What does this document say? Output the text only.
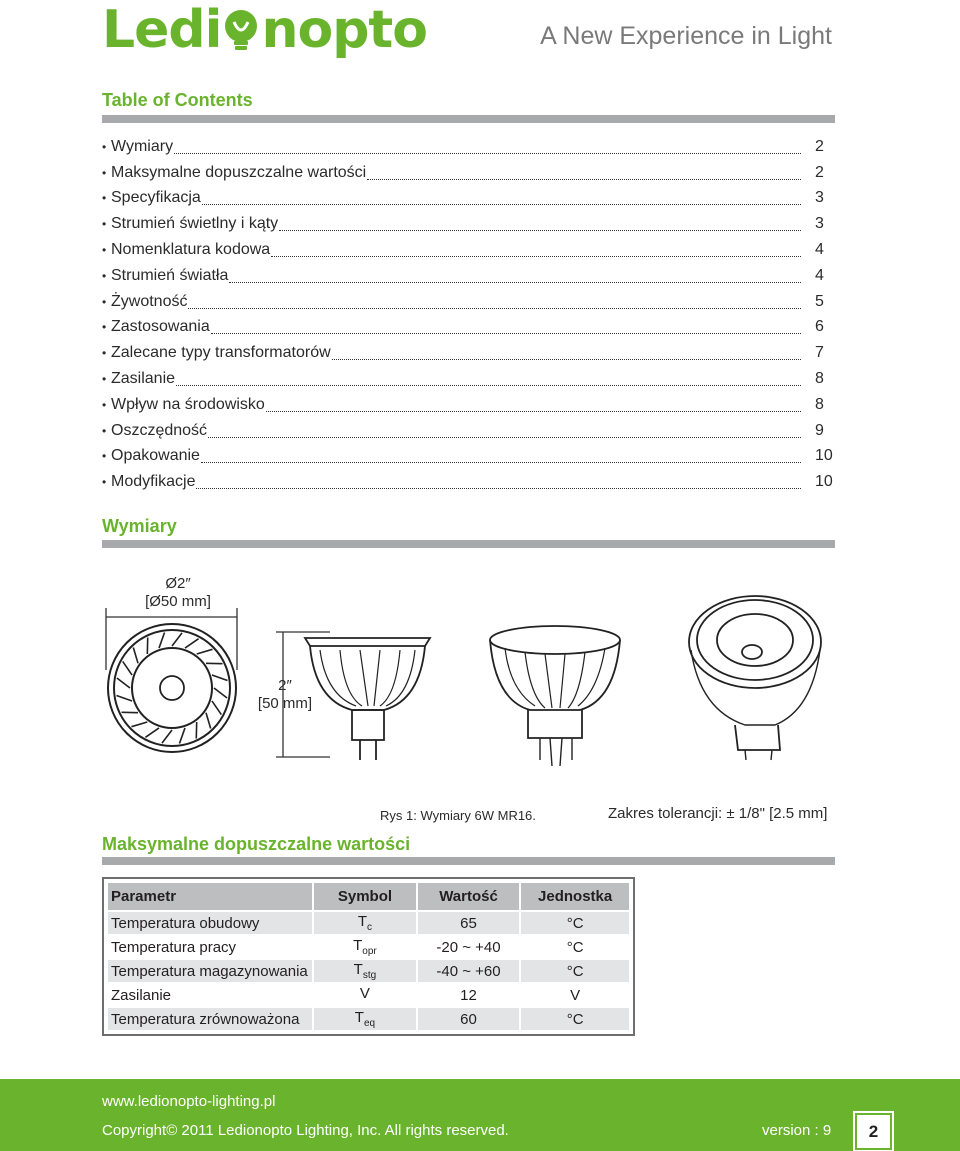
Ledi nopto	A New Experience in Light
Table of Contents
• Wymiary	2
• Maksymalne dopuszczalne wartości	2
• Specyfikacja	3
• Strumień świetlny i kąty	3
• Nomenklatura kodowa	4
• Strumień światła	4
• Żywotność	5
• Zastosowania	6
• Zalecane typy transformatorów	7
• Zasilanie	8
• Wpływ na środowisko	8
• Oszczędność	9
• Opakowanie	10
• Modyfikacje	10
Wymiary
Ø2″
[Ø50 mm]
2″
[50 mm]
Rys 1: Wymiary 6W MR16.	Zakres tolerancji: ± 1/8" [2.5 mm]
Maksymalne dopuszczalne wartości
Parametr	Symbol	Wartość	Jednostka
Temperatura obudowy	$T_c$	65	°C
Temperatura pracy	$T_{opr}$	-20 ~ +40	°C
Temperatura magazynowania	$T_{stg}$	-40 ~ +60	°C
Zasilanie	V	12	V
Temperatura zrównoważona	$T_{eq}$	60	°C
www.ledionopto-lighting.pl
Copyright© 2011 Ledionopto Lighting, Inc. All rights reserved.	version : 9	2
